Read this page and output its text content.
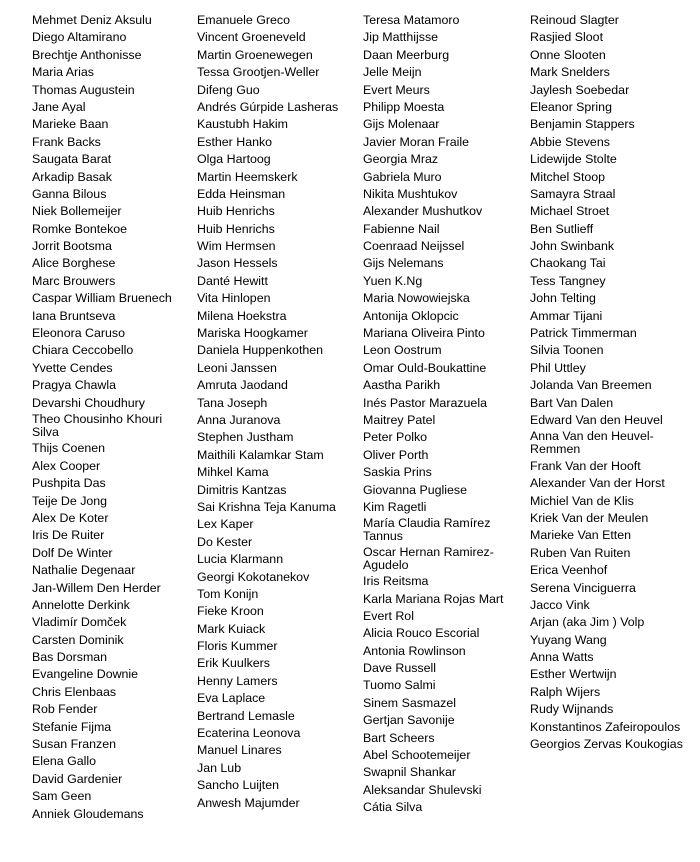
Mehmet Deniz Aksulu
Diego Altamirano
Brechtje Anthonisse
Maria Arias
Thomas Augustein
Jane Ayal
Marieke Baan
Frank Backs
Saugata Barat
Arkadip Basak
Ganna Bilous
Niek Bollemeijer
Romke Bontekoe
Jorrit Bootsma
Alice Borghese
Marc Brouwers
Caspar William Bruenech
Iana Bruntseva
Eleonora Caruso
Chiara Ceccobello
Yvette Cendes
Pragya Chawla
Devarshi Choudhury
Theo Chousinho Khouri Silva
Thijs Coenen
Alex Cooper
Pushpita Das
Teije De Jong
Alex De Koter
Iris De Ruiter
Dolf De Winter
Nathalie Degenaar
Jan-Willem Den Herder
Annelotte Derkink
Vladimír Domček
Carsten Dominik
Bas Dorsman
Evangeline Downie
Chris Elenbaas
Rob Fender
Stefanie Fijma
Susan Franzen
Elena Gallo
David Gardenier
Sam Geen
Anniek Gloudemans
Emanuele Greco
Vincent Groeneveld
Martin Groenewegen
Tessa Grootjen-Weller
Difeng Guo
Andrés Gúrpide Lasheras
Kaustubh Hakim
Esther Hanko
Olga Hartoog
Martin Heemskerk
Edda Heinsman
Huib Henrichs
Huib Henrichs
Wim Hermsen
Jason Hessels
Danté Hewitt
Vita Hinlopen
Milena Hoekstra
Mariska Hoogkamer
Daniela Huppenkothen
Leoni Janssen
Amruta Jaodand
Tana Joseph
Anna Juranova
Stephen Justham
Maithili Kalamkar Stam
Mihkel Kama
Dimitris Kantzas
Sai Krishna Teja Kanuma
Lex Kaper
Do Kester
Lucia Klarmann
Georgi Kokotanekov
Tom Konijn
Fieke Kroon
Mark Kuiack
Floris Kummer
Erik Kuulkers
Henny Lamers
Eva Laplace
Bertrand Lemasle
Ecaterina Leonova
Manuel Linares
Jan Lub
Sancho Luijten
Anwesh Majumder
Teresa Matamoro
Jip Matthijsse
Daan Meerburg
Jelle Meijn
Evert Meurs
Philipp Moesta
Gijs Molenaar
Javier Moran Fraile
Georgia Mraz
Gabriela Muro
Nikita Mushtukov
Alexander Mushutkov
Fabienne Nail
Coenraad Neijssel
Gijs Nelemans
Yuen K.Ng
Maria Nowowiejska
Antonija Oklopcic
Mariana Oliveira Pinto
Leon Oostrum
Omar Ould-Boukattine
Aastha Parikh
Inés Pastor Marazuela
Maitrey Patel
Peter Polko
Oliver Porth
Saskia Prins
Giovanna Pugliese
Kim Ragetli
María Claudia Ramírez Tannus
Oscar Hernan Ramirez-Agudelo
Iris Reitsma
Karla Mariana Rojas Mart
Evert Rol
Alicia Rouco Escorial
Antonia Rowlinson
Dave Russell
Tuomo Salmi
Sinem Sasmazel
Gertjan Savonije
Bart Scheers
Abel Schootemeijer
Swapnil Shankar
Aleksandar Shulevski
Cátia Silva
Reinoud Slagter
Rasjied Sloot
Onne Slooten
Mark Snelders
Jaylesh Soebedar
Eleanor Spring
Benjamin Stappers
Abbie Stevens
Lidewijde Stolte
Mitchel Stoop
Samayra Straal
Michael Stroet
Ben Sutlieff
John Swinbank
Chaokang Tai
Tess Tangney
John Telting
Ammar Tijani
Patrick Timmerman
Silvia Toonen
Phil Uttley
Jolanda Van Breemen
Bart Van Dalen
Edward Van den Heuvel
Anna Van den Heuvel-Remmen
Frank Van der Hooft
Alexander Van der Horst
Michiel Van de Klis
Kriek Van der Meulen
Marieke Van Etten
Ruben Van Ruiten
Erica Veenhof
Serena Vinciguerra
Jacco Vink
Arjan (aka Jim ) Volp
Yuyang Wang
Anna Watts
Esther Wertwijn
Ralph Wijers
Rudy Wijnands
Konstantinos Zafeiropoulos
Georgios Zervas Koukogias
